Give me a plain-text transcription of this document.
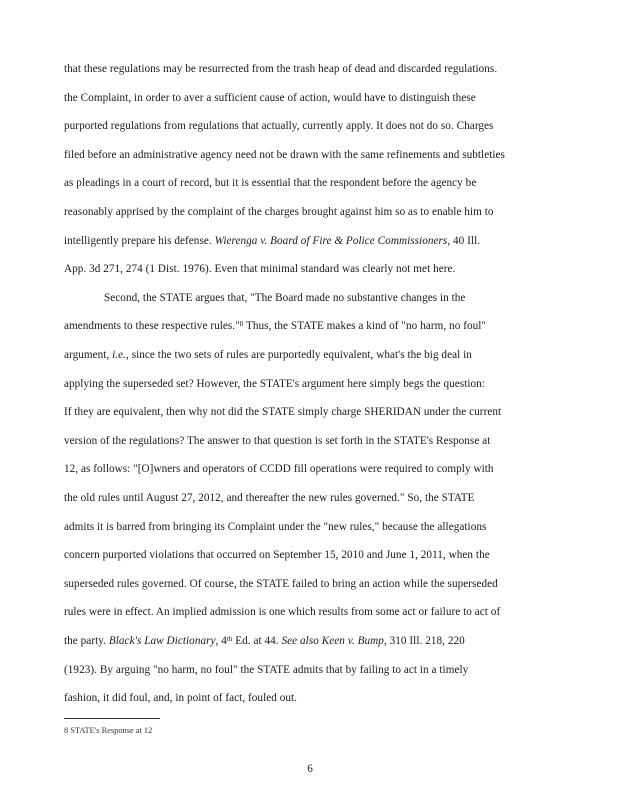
that these regulations may be resurrected from the trash heap of dead and discarded regulations.

the Complaint, in order to aver a sufficient cause of action, would have to distinguish these

purported regulations from regulations that actually, currently apply. It does not do so. Charges

filed before an administrative agency need not be drawn with the same refinements and subtleties

as pleadings in a court of record, but it is essential that the respondent before the agency be

reasonably apprised by the complaint of the charges brought against him so as to enable him to

intelligently prepare his defense. Wierenga v. Board of Fire & Police Commissioners, 40 Ill.

App. 3d 271, 274 (1 Dist. 1976). Even that minimal standard was clearly not met here.

Second, the STATE argues that, "The Board made no substantive changes in the

amendments to these respective rules."$^8$ Thus, the STATE makes a kind of "no harm, no foul"

argument, i.e., since the two sets of rules are purportedly equivalent, what's the big deal in

applying the superseded set? However, the STATE's argument here simply begs the question:

If they are equivalent, then why not did the STATE simply charge SHERIDAN under the current

version of the regulations? The answer to that question is set forth in the STATE's Response at

12, as follows: "[O]wners and operators of CCDD fill operations were required to comply with

the old rules until August 27, 2012, and thereafter the new rules governed." So, the STATE

admits it is barred from bringing its Complaint under the "new rules," because the allegations

concern purported violations that occurred on September 15, 2010 and June 1, 2011, when the

superseded rules governed. Of course, the STATE failed to bring an action while the superseded

rules were in effect. An implied admission is one which results from some act or failure to act of

the party. Black's Law Dictionary, 4th Ed. at 44. See also Keen v. Bump, 310 Ill. 218, 220

(1923). By arguing "no harm, no foul" the STATE admits that by failing to act in a timely

fashion, it did foul, and, in point of fact, fouled out.

8 STATE's Response at 12

6
